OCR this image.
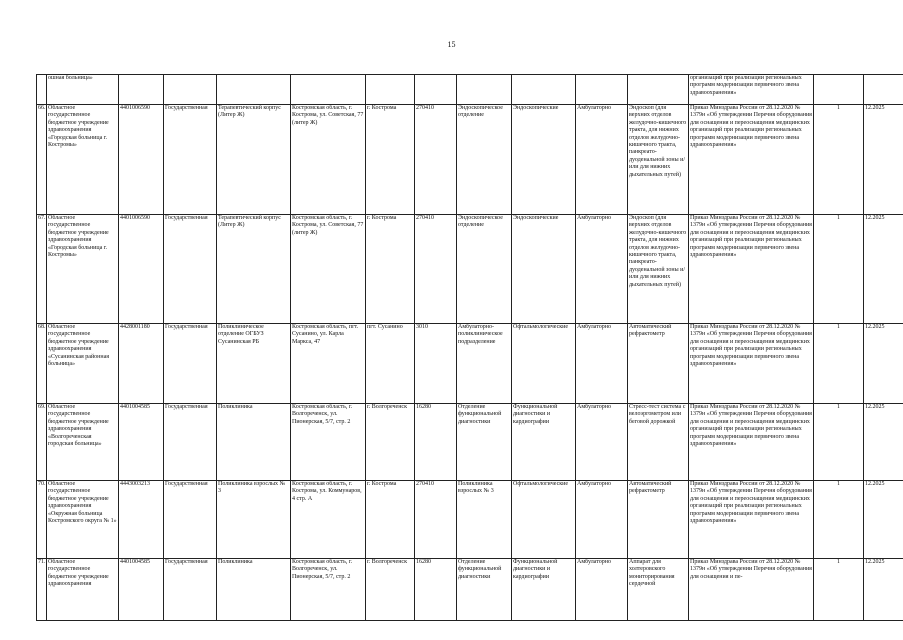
15
	ошная больница»											организаций при реализации региональных программ модернизации первичного звена здравоохранения»		
66.	Областное государственное бюджетное учреждение здравоохранения «Городская больница г. Костромы»	4401006590	Государственная	Терапевтический корпус (Литер Ж)	Костромская область, г. Кострома, ул. Советская, 77 (литер Ж)	г. Кострома	270410	Эндоскопическое отделение	Эндоскопические	Амбулаторно	Эндоскоп (для верхних отделов желудочно-кишечного тракта, для нижних отделов желудочно-кишечного тракта, панкреато-дуоденальной зоны и/или для нижних дыхательных путей)	Приказ Минздрава России от 28.12.2020 № 1379н «Об утверждении Перечня оборудования для оснащения и переоснащения медицинских организаций при реализации региональных программ модернизации первичного звена здравоохранения»	1	12.2025
67.	Областное государственное бюджетное учреждение здравоохранения «Городская больница г. Костромы»	4401006590	Государственная	Терапевтический корпус (Литер Ж)	Костромская область, г. Кострома, ул. Советская, 77 (литер Ж)	г. Кострома	270410	Эндоскопическое отделение	Эндоскопические	Амбулаторно	Эндоскоп (для верхних отделов желудочно-кишечного тракта, для нижних отделов желудочно-кишечного тракта, панкреато-дуоденальной зоны и/или для нижних дыхательных путей)	Приказ Минздрава России от 28.12.2020 № 1379н «Об утверждении Перечня оборудования для оснащения и переоснащения медицинских организаций при реализации региональных программ модернизации первичного звена здравоохранения»	1	12.2025
68.	Областное государственное бюджетное учреждение здравоохранения «Сусанинская районная больница»	4428001180	Государственная	Поликлиническое отделение ОГБУЗ Сусанинская РБ	Костромская область, пгт. Сусанино, ул. Карла Маркса, 47	пгт. Сусанино	3010	Амбулаторно-поликлиническое подразделение	Офтальмологические	Амбулаторно	Автоматический рефрактометр	Приказ Минздрава России от 28.12.2020 № 1379н «Об утверждении Перечня оборудования для оснащения и переоснащения медицинских организаций при реализации региональных программ модернизации первичного звена здравоохранения»	1	12.2025
69.	Областное государственное бюджетное учреждение здравоохранения «Волгореченская городская больница»	4401004585	Государственная	Поликлиника	Костромская область, г. Волгореченск, ул. Пионерская, 5/7, стр. 2	г. Волгореченск	16280	Отделение функциональной диагностики	Функциональной диагностики и кардиографии	Амбулаторно	Стресс-тест система с велоэргометром или беговой дорожкой	Приказ Минздрава России от 28.12.2020 № 1379н «Об утверждении Перечня оборудования для оснащения и переоснащения медицинских организаций при реализации региональных программ модернизации первичного звена здравоохранения»	1	12.2025
70.	Областное государственное бюджетное учреждение здравоохранения «Окружная больница Костромского округа № 1»	4443003213	Государственная	Поликлиника взрослых № 3	Костромская область, г. Кострома, ул. Коммунаров, 4 стр. А	г. Кострома	270410	Поликлиника взрослых № 3	Офтальмологические	Амбулаторно	Автоматический рефрактометр	Приказ Минздрава России от 28.12.2020 № 1379н «Об утверждении Перечня оборудования для оснащения и переоснащения медицинских организаций при реализации региональных программ модернизации первичного звена здравоохранения»	1	12.2025
71.	Областное государственное бюджетное учреждение здравоохранения	4401004585	Государственная	Поликлиника	Костромская область, г. Волгореченск, ул. Пионерская, 5/7, стр. 2	г. Волгореченск	16280	Отделение функциональной диагностики	Функциональной диагностики и кардиографии	Амбулаторно	Аппарат для холтеровского мониторирования сердечной	Приказ Минздрава России от 28.12.2020 № 1379н «Об утверждении Перечня оборудования для оснащения и пе-	1	12.2025
